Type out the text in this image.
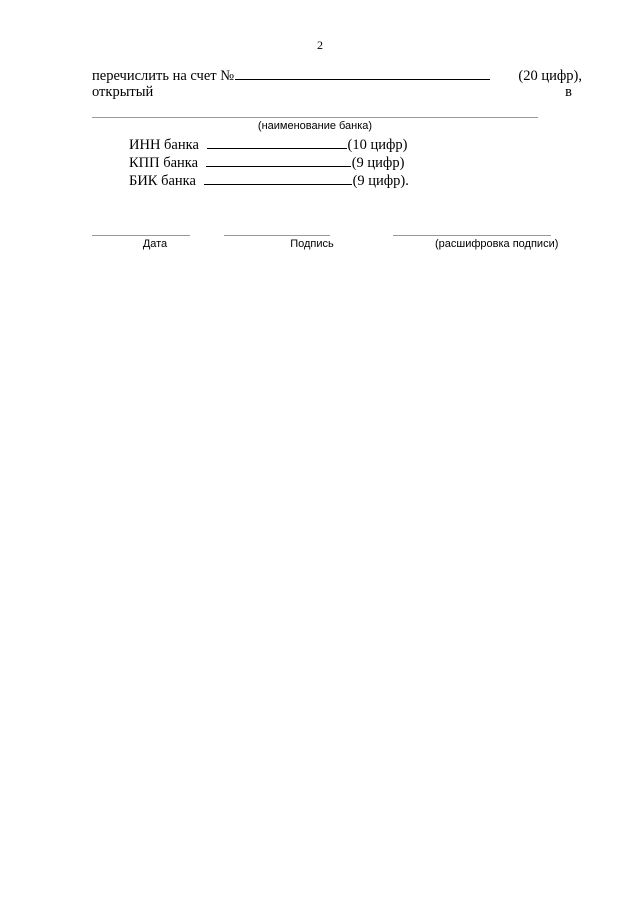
2
перечислить на счет №	(20 цифр),
открытый	в
(наименование банка)
ИНН банка	(10 цифр)
КПП банка	(9 цифр)
БИК банка	(9 цифр).
Дата	Подпись	(расшифровка подписи)
